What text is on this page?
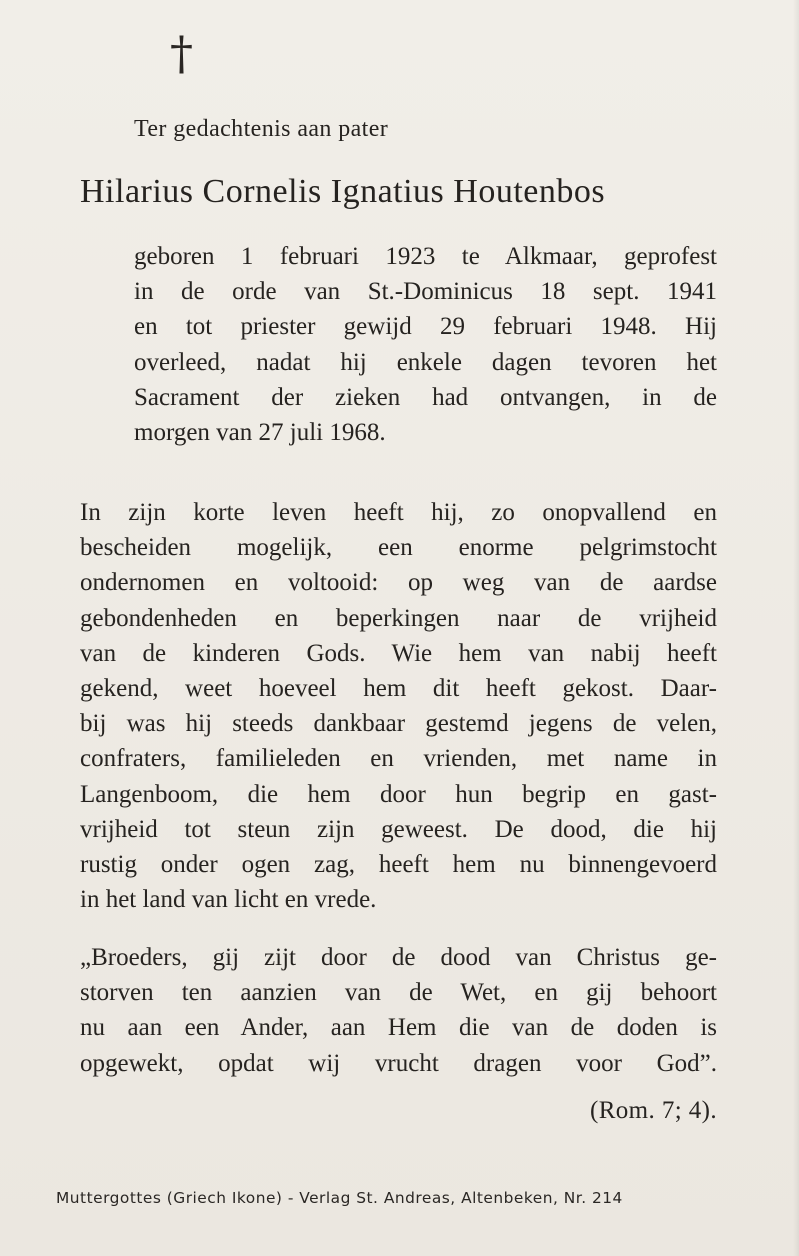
†
Ter gedachtenis aan pater
Hilarius Cornelis Ignatius Houtenbos
geboren 1 februari 1923 te Alkmaar, geprofest
in de orde van St.-Dominicus 18 sept. 1941
en tot priester gewijd 29 februari 1948. Hij
overleed, nadat hij enkele dagen tevoren het
Sacrament der zieken had ontvangen, in de
morgen van 27 juli 1968.
In zijn korte leven heeft hij, zo onopvallend en
bescheiden mogelijk, een enorme pelgrimstocht
ondernomen en voltooid: op weg van de aardse
gebondenheden en beperkingen naar de vrijheid
van de kinderen Gods. Wie hem van nabij heeft
gekend, weet hoeveel hem dit heeft gekost. Daar-
bij was hij steeds dankbaar gestemd jegens de velen,
confraters, familieleden en vrienden, met name in
Langenboom, die hem door hun begrip en gast-
vrijheid tot steun zijn geweest. De dood, die hij
rustig onder ogen zag, heeft hem nu binnengevoerd
in het land van licht en vrede.
„Broeders, gij zijt door de dood van Christus ge-
storven ten aanzien van de Wet, en gij behoort
nu aan een Ander, aan Hem die van de doden is
opgewekt, opdat wij vrucht dragen voor God”.
(Rom. 7; 4).
Muttergottes (Griech Ikone) - Verlag St. Andreas, Altenbeken, Nr. 214
